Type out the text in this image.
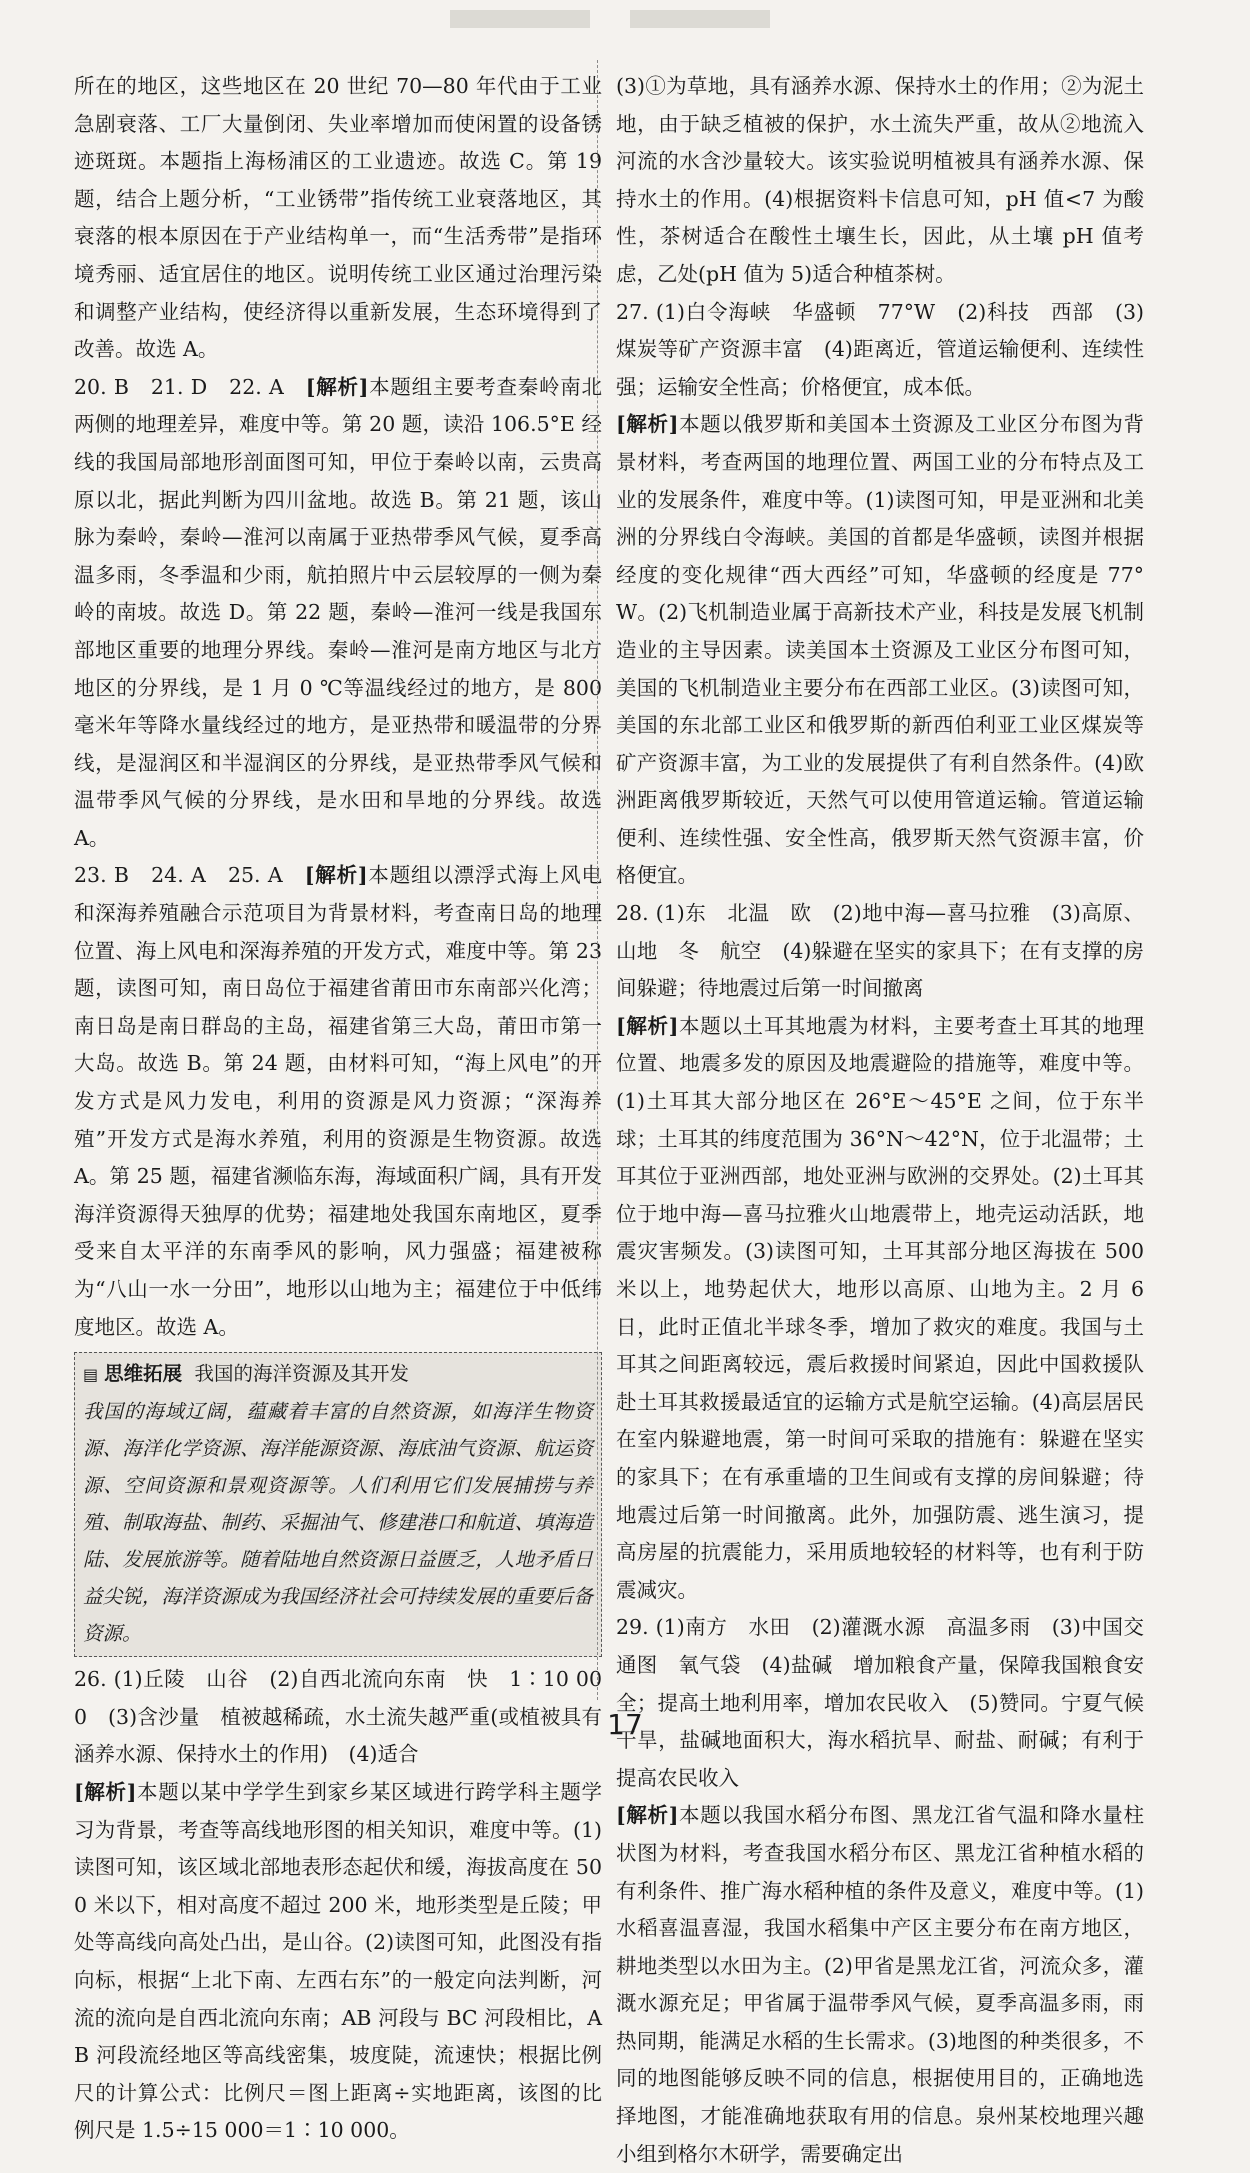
所在的地区，这些地区在 20 世纪 70—80 年代由于工业急剧衰落、工厂大量倒闭、失业率增加而使闲置的设备锈迹斑斑。本题指上海杨浦区的工业遗迹。故选 C。第 19 题，结合上题分析，“工业锈带”指传统工业衰落地区，其衰落的根本原因在于产业结构单一，而“生活秀带”是指环境秀丽、适宜居住的地区。说明传统工业区通过治理污染和调整产业结构，使经济得以重新发展，生态环境得到了改善。故选 A。

20. B　21. D　22. A　[解析]本题组主要考查秦岭南北两侧的地理差异，难度中等。第 20 题，读沿 106.5°E 经线的我国局部地形剖面图可知，甲位于秦岭以南，云贵高原以北，据此判断为四川盆地。故选 B。第 21 题，该山脉为秦岭，秦岭—淮河以南属于亚热带季风气候，夏季高温多雨，冬季温和少雨，航拍照片中云层较厚的一侧为秦岭的南坡。故选 D。第 22 题，秦岭—淮河一线是我国东部地区重要的地理分界线。秦岭—淮河是南方地区与北方地区的分界线，是 1 月 0 ℃等温线经过的地方，是 800 毫米年等降水量线经过的地方，是亚热带和暖温带的分界线，是湿润区和半湿润区的分界线，是亚热带季风气候和温带季风气候的分界线，是水田和旱地的分界线。故选 A。

23. B　24. A　25. A　[解析]本题组以漂浮式海上风电和深海养殖融合示范项目为背景材料，考查南日岛的地理位置、海上风电和深海养殖的开发方式，难度中等。第 23 题，读图可知，南日岛位于福建省莆田市东南部兴化湾；南日岛是南日群岛的主岛，福建省第三大岛，莆田市第一大岛。故选 B。第 24 题，由材料可知，“海上风电”的开发方式是风力发电，利用的资源是风力资源；“深海养殖”开发方式是海水养殖，利用的资源是生物资源。故选 A。第 25 题，福建省濒临东海，海域面积广阔，具有开发海洋资源得天独厚的优势；福建地处我国东南地区，夏季受来自太平洋的东南季风的影响，风力强盛；福建被称为“八山一水一分田”，地形以山地为主；福建位于中低纬度地区。故选 A。

▤ 思维拓展 我国的海洋资源及其开发
我国的海域辽阔，蕴藏着丰富的自然资源，如海洋生物资源、海洋化学资源、海洋能源资源、海底油气资源、航运资源、空间资源和景观资源等。人们利用它们发展捕捞与养殖、制取海盐、制药、采掘油气、修建港口和航道、填海造陆、发展旅游等。随着陆地自然资源日益匮乏，人地矛盾日益尖锐，海洋资源成为我国经济社会可持续发展的重要后备资源。

26. (1)丘陵　山谷　(2)自西北流向东南　快　1∶10 000　(3)含沙量　植被越稀疏，水土流失越严重(或植被具有涵养水源、保持水土的作用)　(4)适合

[解析]本题以某中学学生到家乡某区域进行跨学科主题学习为背景，考查等高线地形图的相关知识，难度中等。(1)读图可知，该区域北部地表形态起伏和缓，海拔高度在 500 米以下，相对高度不超过 200 米，地形类型是丘陵；甲处等高线向高处凸出，是山谷。(2)读图可知，此图没有指向标，根据“上北下南、左西右东”的一般定向法判断，河流的流向是自西北流向东南；AB 河段与 BC 河段相比，AB 河段流经地区等高线密集，坡度陡，流速快；根据比例尺的计算公式：比例尺＝图上距离÷实地距离，该图的比例尺是 1.5÷15 000＝1∶10 000。

(3)①为草地，具有涵养水源、保持水土的作用；②为泥土地，由于缺乏植被的保护，水土流失严重，故从②地流入河流的水含沙量较大。该实验说明植被具有涵养水源、保持水土的作用。(4)根据资料卡信息可知，pH 值<7 为酸性，茶树适合在酸性土壤生长，因此，从土壤 pH 值考虑，乙处(pH 值为 5)适合种植茶树。

27. (1)白令海峡　华盛顿　77°W　(2)科技　西部　(3)煤炭等矿产资源丰富　(4)距离近，管道运输便利、连续性强；运输安全性高；价格便宜，成本低。

[解析]本题以俄罗斯和美国本土资源及工业区分布图为背景材料，考查两国的地理位置、两国工业的分布特点及工业的发展条件，难度中等。(1)读图可知，甲是亚洲和北美洲的分界线白令海峡。美国的首都是华盛顿，读图并根据经度的变化规律“西大西经”可知，华盛顿的经度是 77°W。(2)飞机制造业属于高新技术产业，科技是发展飞机制造业的主导因素。读美国本土资源及工业区分布图可知，美国的飞机制造业主要分布在西部工业区。(3)读图可知，美国的东北部工业区和俄罗斯的新西伯利亚工业区煤炭等矿产资源丰富，为工业的发展提供了有利自然条件。(4)欧洲距离俄罗斯较近，天然气可以使用管道运输。管道运输便利、连续性强、安全性高，俄罗斯天然气资源丰富，价格便宜。

28. (1)东　北温　欧　(2)地中海—喜马拉雅　(3)高原、山地　冬　航空　(4)躲避在坚实的家具下；在有支撑的房间躲避；待地震过后第一时间撤离

[解析]本题以土耳其地震为材料，主要考查土耳其的地理位置、地震多发的原因及地震避险的措施等，难度中等。(1)土耳其大部分地区在 26°E～45°E 之间，位于东半球；土耳其的纬度范围为 36°N～42°N，位于北温带；土耳其位于亚洲西部，地处亚洲与欧洲的交界处。(2)土耳其位于地中海—喜马拉雅火山地震带上，地壳运动活跃，地震灾害频发。(3)读图可知，土耳其部分地区海拔在 500 米以上，地势起伏大，地形以高原、山地为主。2 月 6 日，此时正值北半球冬季，增加了救灾的难度。我国与土耳其之间距离较远，震后救援时间紧迫，因此中国救援队赴土耳其救援最适宜的运输方式是航空运输。(4)高层居民在室内躲避地震，第一时间可采取的措施有：躲避在坚实的家具下；在有承重墙的卫生间或有支撑的房间躲避；待地震过后第一时间撤离。此外，加强防震、逃生演习，提高房屋的抗震能力，采用质地较轻的材料等，也有利于防震减灾。

29. (1)南方　水田　(2)灌溉水源　高温多雨　(3)中国交通图　氧气袋　(4)盐碱　增加粮食产量，保障我国粮食安全；提高土地利用率，增加农民收入　(5)赞同。宁夏气候干旱，盐碱地面积大，海水稻抗旱、耐盐、耐碱；有利于提高农民收入

[解析]本题以我国水稻分布图、黑龙江省气温和降水量柱状图为材料，考查我国水稻分布区、黑龙江省种植水稻的有利条件、推广海水稻种植的条件及意义，难度中等。(1)水稻喜温喜湿，我国水稻集中产区主要分布在南方地区，耕地类型以水田为主。(2)甲省是黑龙江省，河流众多，灌溉水源充足；甲省属于温带季风气候，夏季高温多雨，雨热同期，能满足水稻的生长需求。(3)地图的种类很多，不同的地图能够反映不同的信息，根据使用目的，正确地选择地图，才能准确地获取有用的信息。泉州某校地理兴趣小组到格尔木研学，需要确定出

17
